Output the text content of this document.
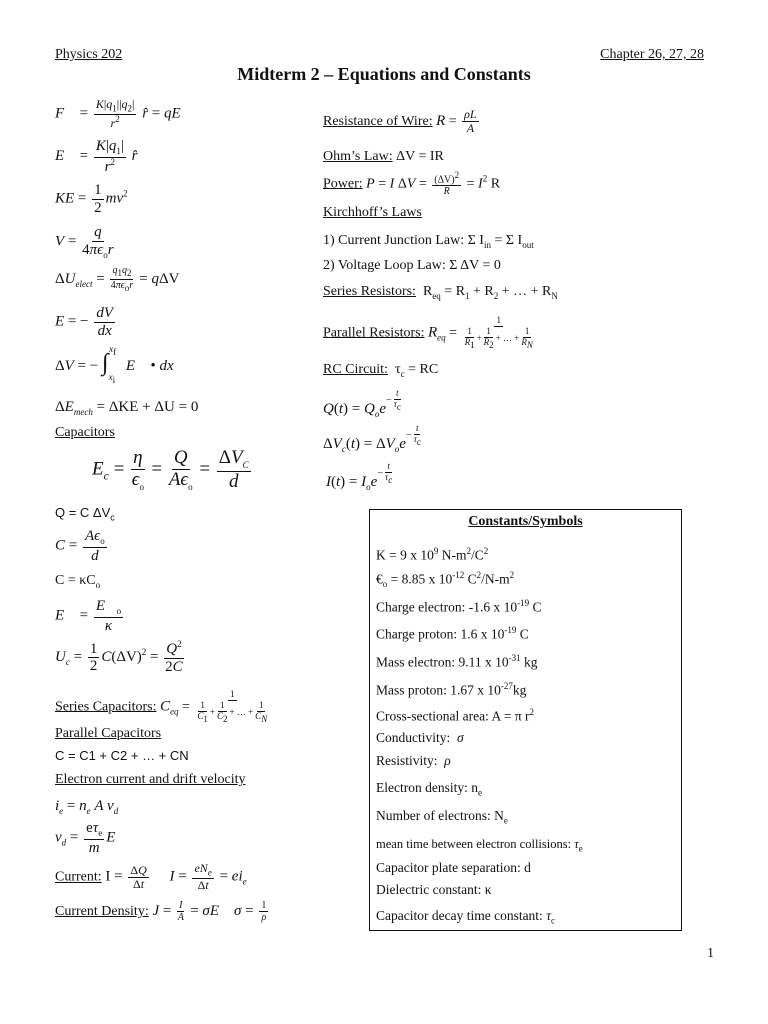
Physics 202	Chapter 26, 27, 28
Midterm 2 – Equations and Constants
F⃗ = $\frac{K|q_1||q_2|}{r^2}$ r̂ = qE⃗
E⃗ = $\frac{K|q_1|}{r^2}$ r̂
KE = $\frac{1}{2} mv^2$
V =
q
$4\pi\epsilon_or$
$\Delta U_{elect}$ =
$q_1q_2$
$4\pi\epsilon_or = q\Delta V$
E = − $\frac{dV}{dx}$
ΔV = − $\int_{x_i}^{x_f}$ E⃗ • dx⃗
$\Delta E_{mech} = \Delta KE + \Delta U = 0$
Capacitors
$E_c = \frac{\eta}{\epsilon_o}$ =
Q
$A\epsilon_o$
=
$\Delta V_C$
d
Q = C $\Delta V_c$
C =
$A\epsilon_o$
d
$C = \kappa C_o$
E⃗ = $\frac{E⃗_o}{\kappa}$
$U_c = \frac{1}{2} C(\Delta V)^2 = \frac{Q^2}{2C}$
Series Capacitors: $C_{eq} = \frac{1}{\frac{1}{C_1} + \frac{1}{C_2} + \dots + \frac{1}{C_N}}$
Parallel Capacitors
C = C1 + C2 + … + CN
Electron current and drift velocity
$i_e = n_e$ A $v_d$
$v_d$ =
$e\tau_e$
m
E
Current: $I = \frac{\Delta Q}{\Delta t}$ I =
$eN_e$
Δt
= $ei_e$
Current Density: $J = \frac{I}{A} = \sigma E$ $\sigma = \frac{1}{\rho}$
Resistance of Wire: $R = \frac{\rho L}{A}$
Ohm’s Law: ΔV = IR
Power: P = I $\Delta V = \frac{(\Delta V)^2}{R} = I^2$ R
Kirchhoff’s Laws
1) Current Junction Law: Σ $I_{in} = \Sigma$ $I_{out}$
2) Voltage Loop Law: Σ ΔV = 0
Series Resistors:  $R_{eq} = R_1 + R_2$ + … + $R_N$
Parallel Resistors: $R_{eq} = \frac{1}{\frac{1}{R_1} + \frac{1}{R_2} + \dots + \frac{1}{R_N}}$
RC Circuit:  $\tau_c$ = RC
$Q(t) = Q_oe^{- \frac{t}{\tau_c}}$
$\Delta V_c(t) = \Delta V_oe^{- \frac{t}{\tau_c}}$
$I(t) = I_oe^{- \frac{t}{\tau_c}}$
Constants/Symbols
K = 9 x $10^9$ $N-m^2/C^2$
$€_o = 8.85$ x $10^{-12}$ $C^2/N-m^2$
Charge electron: -1.6 x $10^{-19}$ C
Charge proton: 1.6 x $10^{-19}$ C
Mass electron: 9.11 x $10^{-31}$ kg
Mass proton: 1.67 x $10^{-27}kg$
Cross-sectional area: A = π $r^2$
Conductivity: σ
Resistivity: ρ
Electron density: $n_e$
Number of electrons: $N_e$
mean time between electron collisions: $\tau_e$
Capacitor plate separation: d
Dielectric constant: κ
Capacitor decay time constant: $\tau_c$
1
